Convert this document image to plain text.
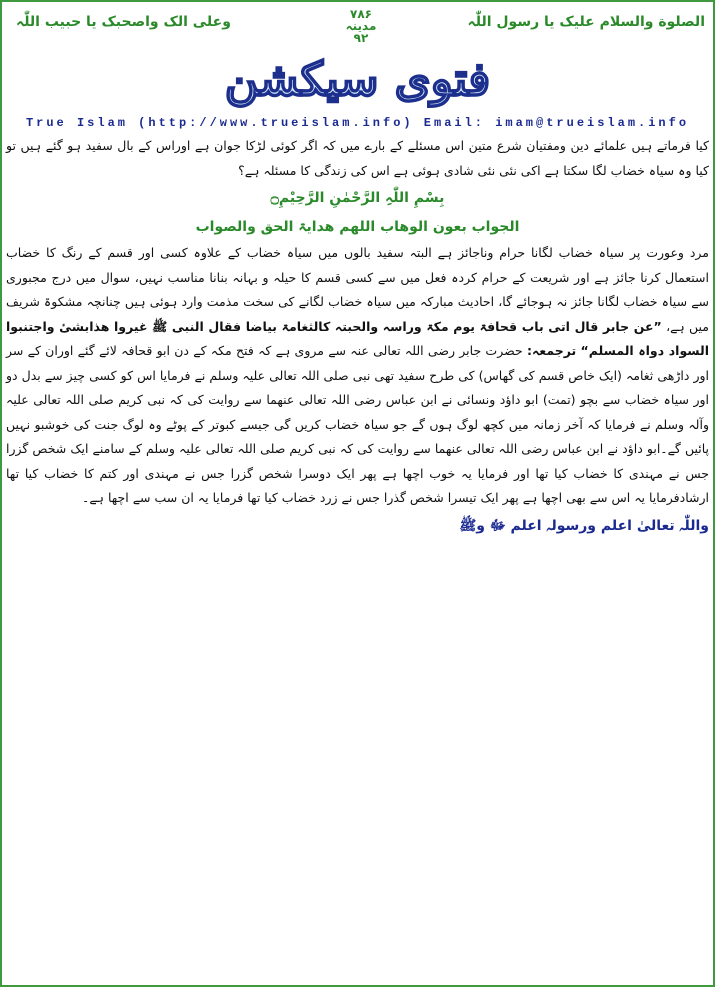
الصلوة والسلام علیک یا رسول اللّٰہ
۷۸۶
مدینہ
۹۲
وعلی الک واصحبک یا حبیب اللّٰہ
فتوی سیکشن
True Islam (http://www.trueislam.info) Email: imam@trueislam.info

کیا فرماتے ہیں علمائے دین ومفتیان شرع متین اس مسئلے کے بارے میں کہ اگر کوئی لڑکا جوان ہے اوراس کے بال سفید ہو گئے ہیں تو کیا وہ سیاہ خضاب لگا سکتا ہے اکی نئی نئی شادی ہوئی ہے اس کی زندگی کا مسئلہ ہے؟

بِسْمِ اللّٰہِ الرَّحْمٰنِ الرَّحِیْمِ۝
الجواب بعون الوھاب اللھم ھدایۃ الحق والصواب

مرد وعورت پر سیاہ خضاب لگانا حرام وناجائز ہے البتہ سفید بالوں میں سیاہ خضاب کے علاوہ کسی اور قسم کے رنگ کا خضاب استعمال کرنا جائز ہے اور شریعت کے حرام کردہ فعل میں سے کسی قسم کا حیلہ و بہانہ بنانا مناسب نہیں، سوال میں درج مجبوری سے سیاہ خضاب لگانا جائز نہ ہوجائے گا، احادیث مبارکہ میں سیاہ خضاب لگانے کی سخت مذمت وارد ہوئی ہیں چنانچہ مشکوۃ شریف میں ہے، ”عن جابر قال اتی باب قحافۃ یوم مکۃ وراسہ والحبتہ کالثغامۃ بیاضا فقال النبی ﷺ غیروا ھذابشیٔ واجتنبوا السواد دواہ المسلم“ ترجمعہ: حضرت جابر رضی اللہ تعالی عنہ سے مروی ہے کہ فتح مکہ کے دن ابو قحافہ لائے گئے اوران کے سر اور داڑھی ثغامہ (ایک خاص قسم کی گھاس) کی طرح سفید تھی نبی صلی اللہ تعالی علیہ وسلم نے فرمایا اس کو کسی چیز سے بدل دو اور سیاہ خضاب سے بچو (تمت) ابو داؤد ونسائی نے ابن عباس رضی اللہ تعالی عنھما سے روایت کی کہ نبی کریم صلی اللہ تعالی علیہ وآلہ وسلم نے فرمایا کہ آخر زمانہ میں کچھ لوگ ہوں گے جو سیاہ خضاب کریں گی جیسے کبوتر کے پوٹے وہ لوگ جنت کی خوشبو نہیں پائیں گے۔ابو داؤد نے ابن عباس رضی اللہ تعالی عنھما سے روایت کی کہ نبی کریم صلی اللہ تعالی علیہ وسلم کے سامنے ایک شخص گزرا جس نے مہندی کا خضاب کیا تھا اور فرمایا یہ خوب اچھا ہے پھر ایک دوسرا شخص گزرا جس نے مہندی اور کتم کا خضاب کیا تھا ارشادفرمایا یہ اس سے بھی اچھا ہے پھر ایک تیسرا شخص گذرا جس نے زرد خضاب کیا تھا فرمایا یہ ان سب سے اچھا ہے۔

واللّٰہ تعالیٰ اعلم ورسولہ اعلم ﷻ وﷺ
